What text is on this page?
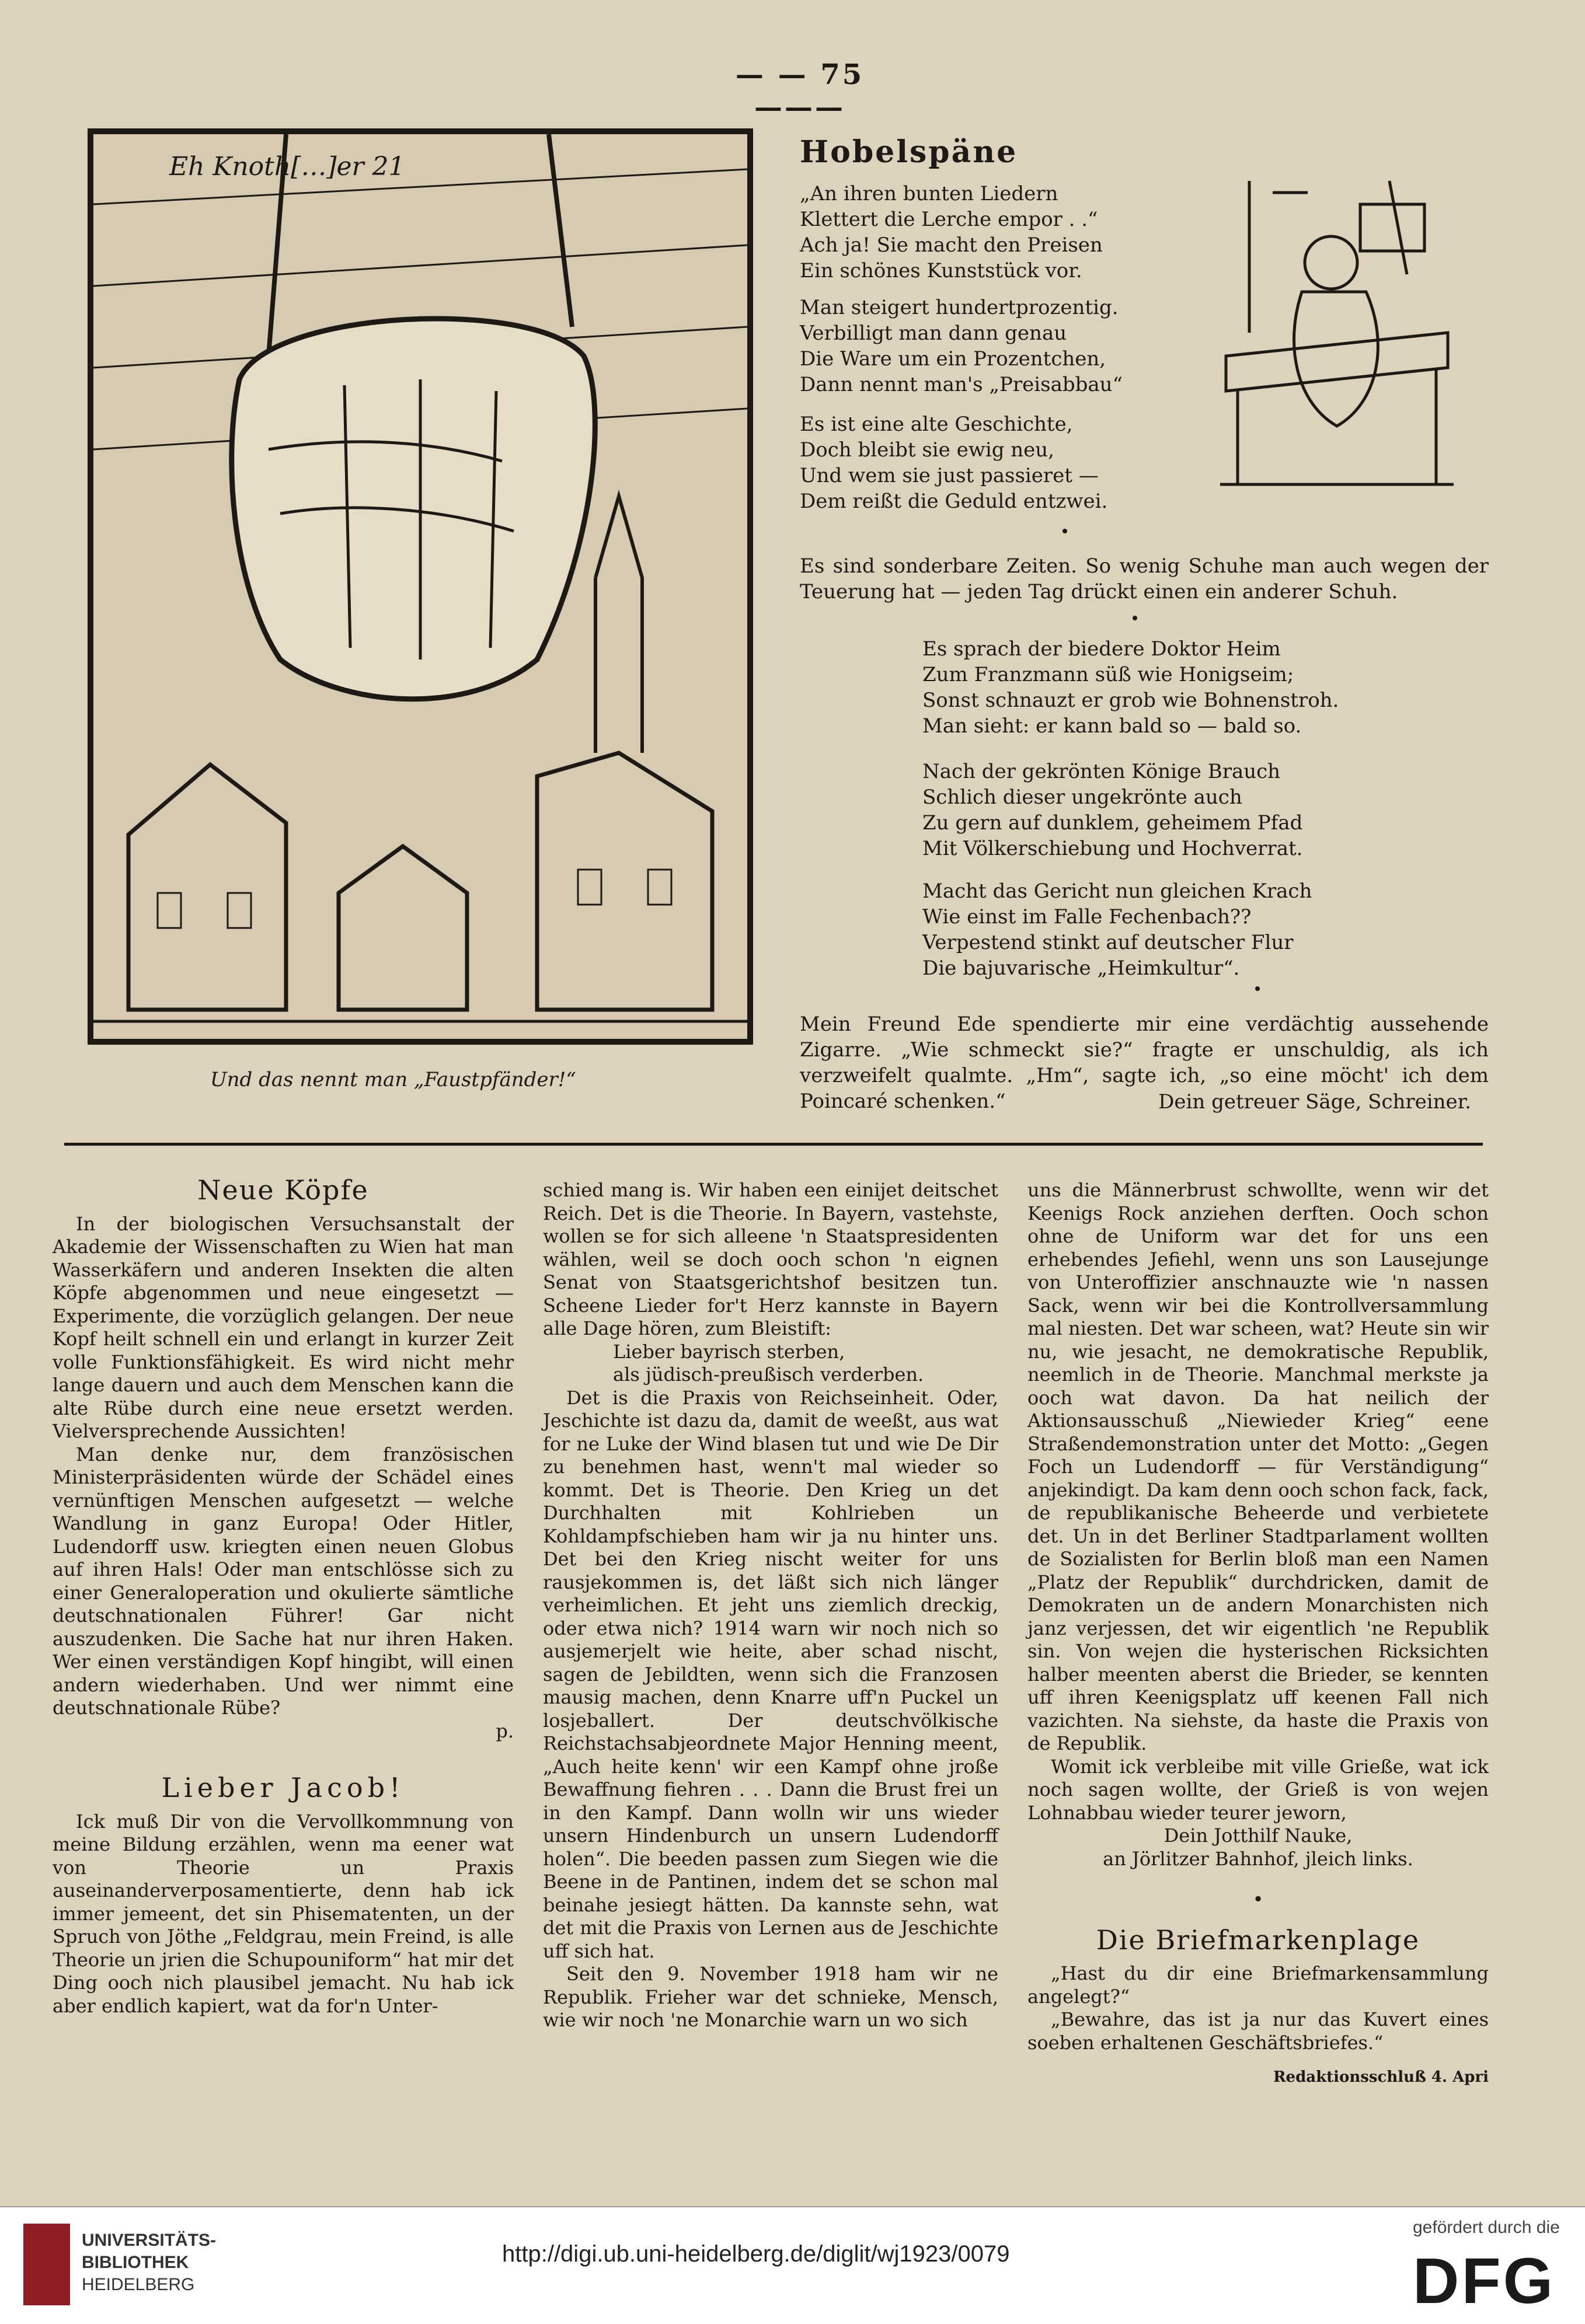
— — 75 ———
Eh Knoth[…]er 21
Und das nennt man „Faustpfänder!“
Hobelspäne
„An ihren bunten Liedern
Klettert die Lerche empor . .“
Ach ja! Sie macht den Preisen
Ein schönes Kunststück vor.
Man steigert hundertprozentig.
Verbilligt man dann genau
Die Ware um ein Prozentchen,
Dann nennt man's „Preisabbau“
Es ist eine alte Geschichte,
Doch bleibt sie ewig neu,
Und wem sie just passieret —
Dem reißt die Geduld entzwei.
Es sind sonderbare Zeiten. So wenig Schuhe man auch wegen der Teuerung hat — jeden Tag drückt einen ein anderer Schuh.
Es sprach der biedere Doktor Heim
Zum Franzmann süß wie Honigseim;
Sonst schnauzt er grob wie Bohnenstroh.
Man sieht: er kann bald so — bald so.
Nach der gekrönten Könige Brauch
Schlich dieser ungekrönte auch
Zu gern auf dunklem, geheimem Pfad
Mit Völkerschiebung und Hochverrat.
Macht das Gericht nun gleichen Krach
Wie einst im Falle Fechenbach??
Verpestend stinkt auf deutscher Flur
Die bajuvarische „Heimkultur“.
Mein Freund Ede spendierte mir eine verdächtig aussehende Zigarre. „Wie schmeckt sie?“ fragte er unschuldig, als ich verzweifelt qualmte. „Hm“, sagte ich, „so eine möcht' ich dem Poincaré schenken.“	Dein getreuer Säge, Schreiner.
Neue Köpfe

In der biologischen Versuchsanstalt der Akademie der Wissenschaften zu Wien hat man Wasserkäfern und anderen Insekten die alten Köpfe abgenommen und neue eingesetzt — Experimente, die vorzüglich gelangen. Der neue Kopf heilt schnell ein und erlangt in kurzer Zeit volle Funktionsfähigkeit. Es wird nicht mehr lange dauern und auch dem Menschen kann die alte Rübe durch eine neue ersetzt werden. Vielversprechende Aussichten!

Man denke nur, dem französischen Ministerpräsidenten würde der Schädel eines vernünftigen Menschen aufgesetzt — welche Wandlung in ganz Europa! Oder Hitler, Ludendorff usw. kriegten einen neuen Globus auf ihren Hals! Oder man entschlösse sich zu einer Generaloperation und okulierte sämtliche deutschnationalen Führer! Gar nicht auszudenken. Die Sache hat nur ihren Haken. Wer einen verständigen Kopf hingibt, will einen andern wiederhaben. Und wer nimmt eine deutschnationale Rübe?

p.

Lieber Jacob!

Ick muß Dir von die Vervollkommnung von meine Bildung erzählen, wenn ma eener wat von Theorie un Praxis auseinanderverposamentierte, denn hab ick immer jemeent, det sin Phisematenten, un der Spruch von Jöthe „Feldgrau, mein Freind, is alle Theorie un jrien die Schupouniform“ hat mir det Ding ooch nich plausibel jemacht. Nu hab ick aber endlich kapiert, wat da for'n Unter-

schied mang is. Wir haben een einijet deitschet Reich. Det is die Theorie. In Bayern, vastehste, wollen se for sich alleene 'n Staatspresidenten wählen, weil se doch ooch schon 'n eignen Senat von Staatsgerichtshof besitzen tun. Scheene Lieder for't Herz kannste in Bayern alle Dage hören, zum Bleistift:

Lieber bayrisch sterben,
als jüdisch-preußisch verderben.

Det is die Praxis von Reichseinheit. Oder, Jeschichte ist dazu da, damit de weeßt, aus wat for ne Luke der Wind blasen tut und wie De Dir zu benehmen hast, wenn't mal wieder so kommt. Det is Theorie. Den Krieg un det Durchhalten mit Kohlrieben un Kohldampfschieben ham wir ja nu hinter uns. Det bei den Krieg nischt weiter for uns rausjekommen is, det läßt sich nich länger verheimlichen. Et jeht uns ziemlich dreckig, oder etwa nich? 1914 warn wir noch nich so ausjemerjelt wie heite, aber schad nischt, sagen de Jebildten, wenn sich die Franzosen mausig machen, denn Knarre uff'n Puckel un losjeballert. Der deutschvölkische Reichstachsabjeordnete Major Henning meent, „Auch heite kenn' wir een Kampf ohne jroße Bewaffnung fiehren . . . Dann die Brust frei un in den Kampf. Dann wolln wir uns wieder unsern Hindenburch un unsern Ludendorff holen“. Die beeden passen zum Siegen wie die Beene in de Pantinen, indem det se schon mal beinahe jesiegt hätten. Da kannste sehn, wat det mit die Praxis von Lernen aus de Jeschichte uff sich hat.

Seit den 9. November 1918 ham wir ne Republik. Frieher war det schnieke, Mensch, wie wir noch 'ne Monarchie warn un wo sich

uns die Männerbrust schwollte, wenn wir det Keenigs Rock anziehen derften. Ooch schon ohne de Uniform war det for uns een erhebendes Jefiehl, wenn uns son Lausejunge von Unteroffizier anschnauzte wie 'n nassen Sack, wenn wir bei die Kontrollversammlung mal niesten. Det war scheen, wat? Heute sin wir nu, wie jesacht, ne demokratische Republik, neemlich in de Theorie. Manchmal merkste ja ooch wat davon. Da hat neilich der Aktionsausschuß „Niewieder Krieg“ eene Straßendemonstration unter det Motto: „Gegen Foch un Ludendorff — für Verständigung“ anjekindigt. Da kam denn ooch schon fack, fack, de republikanische Beheerde und verbietete det. Un in det Berliner Stadtparlament wollten de Sozialisten for Berlin bloß man een Namen „Platz der Republik“ durchdricken, damit de Demokraten un de andern Monarchisten nich janz verjessen, det wir eigentlich 'ne Republik sin. Von wejen die hysterischen Ricksichten halber meenten aberst die Brieder, se kennten uff ihren Keenigsplatz uff keenen Fall nich vazichten. Na siehste, da haste die Praxis von de Republik.

Womit ick verbleibe mit ville Grieße, wat ick noch sagen wollte, der Grieß is von wejen Lohnabbau wieder teurer jeworn,

Dein Jotthilf Nauke,

an Jörlitzer Bahnhof, jleich links.

•
Die Briefmarkenplage

„Hast du dir eine Briefmarkensammlung angelegt?“

„Bewahre, das ist ja nur das Kuvert eines soeben erhaltenen Geschäftsbriefes.“

Redaktionsschluß 4. Apri

UNIVERSITÄTS-
BIBLIOTHEK
HEIDELBERG
http://digi.ub.uni-heidelberg.de/diglit/wj1923/0079
gefördert durch die
DFG
